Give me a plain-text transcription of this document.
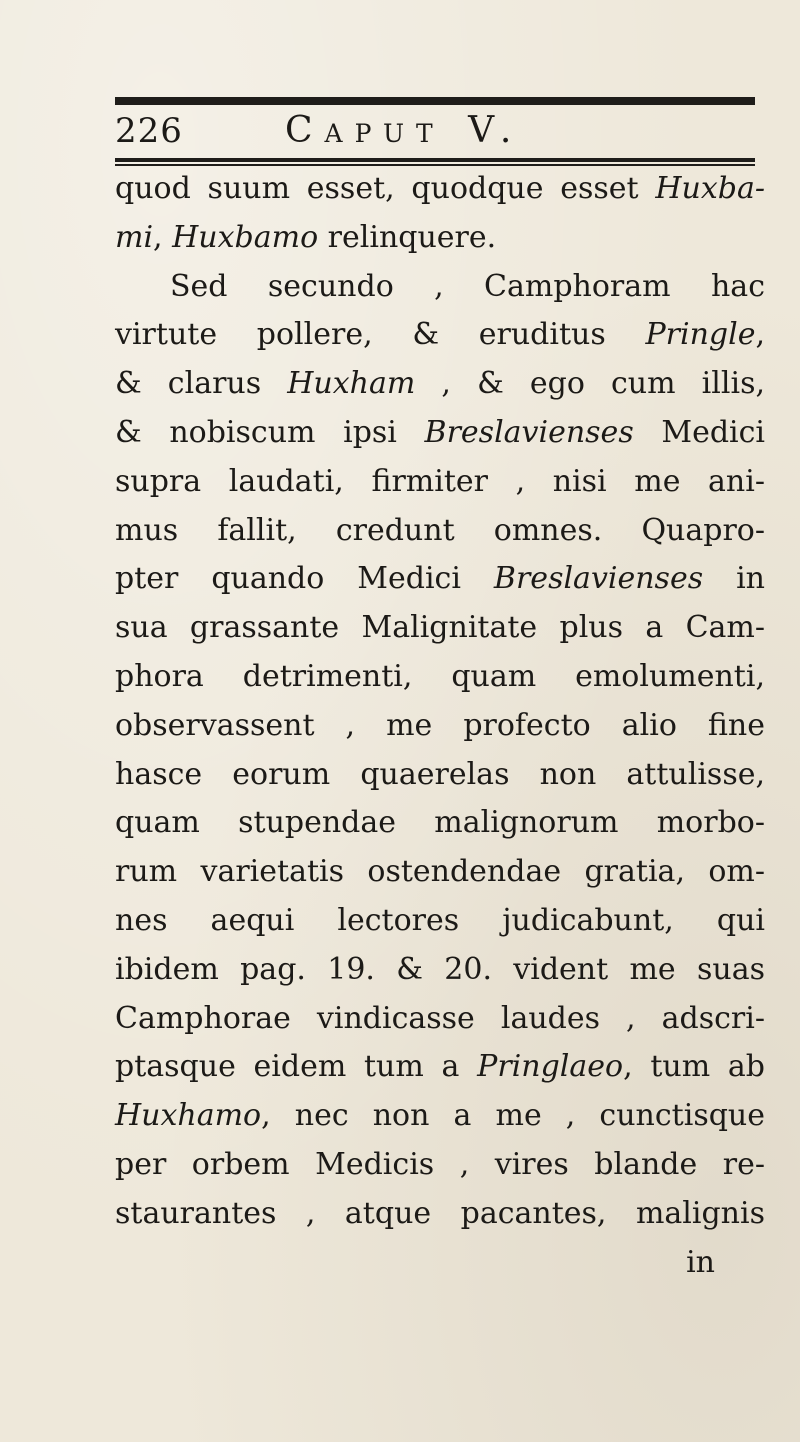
226	Caput V.
quod suum esset, quodque esset Huxba-
mi, Huxbamo relinquere.
Sed secundo , Camphoram hac
virtute pollere, & eruditus Pringle,
& clarus Huxham , & ego cum illis,
& nobiscum ipsi Breslavienses Medici
supra laudati, firmiter , nisi me ani-
mus fallit, credunt omnes. Quapro-
pter quando Medici Breslavienses in
sua grassante Malignitate plus a Cam-
phora detrimenti, quam emolumenti,
observassent , me profecto alio fine
hasce eorum quaerelas non attulisse,
quam stupendae malignorum morbo-
rum varietatis ostendendae gratia, om-
nes aequi lectores judicabunt, qui
ibidem pag. 19. & 20. vident me suas
Camphorae vindicasse laudes , adscri-
ptasque eidem tum a Pringlaeo, tum ab
Huxhamo, nec non a me , cunctisque
per orbem Medicis , vires blande re-
staurantes , atque pacantes, malignis
in
